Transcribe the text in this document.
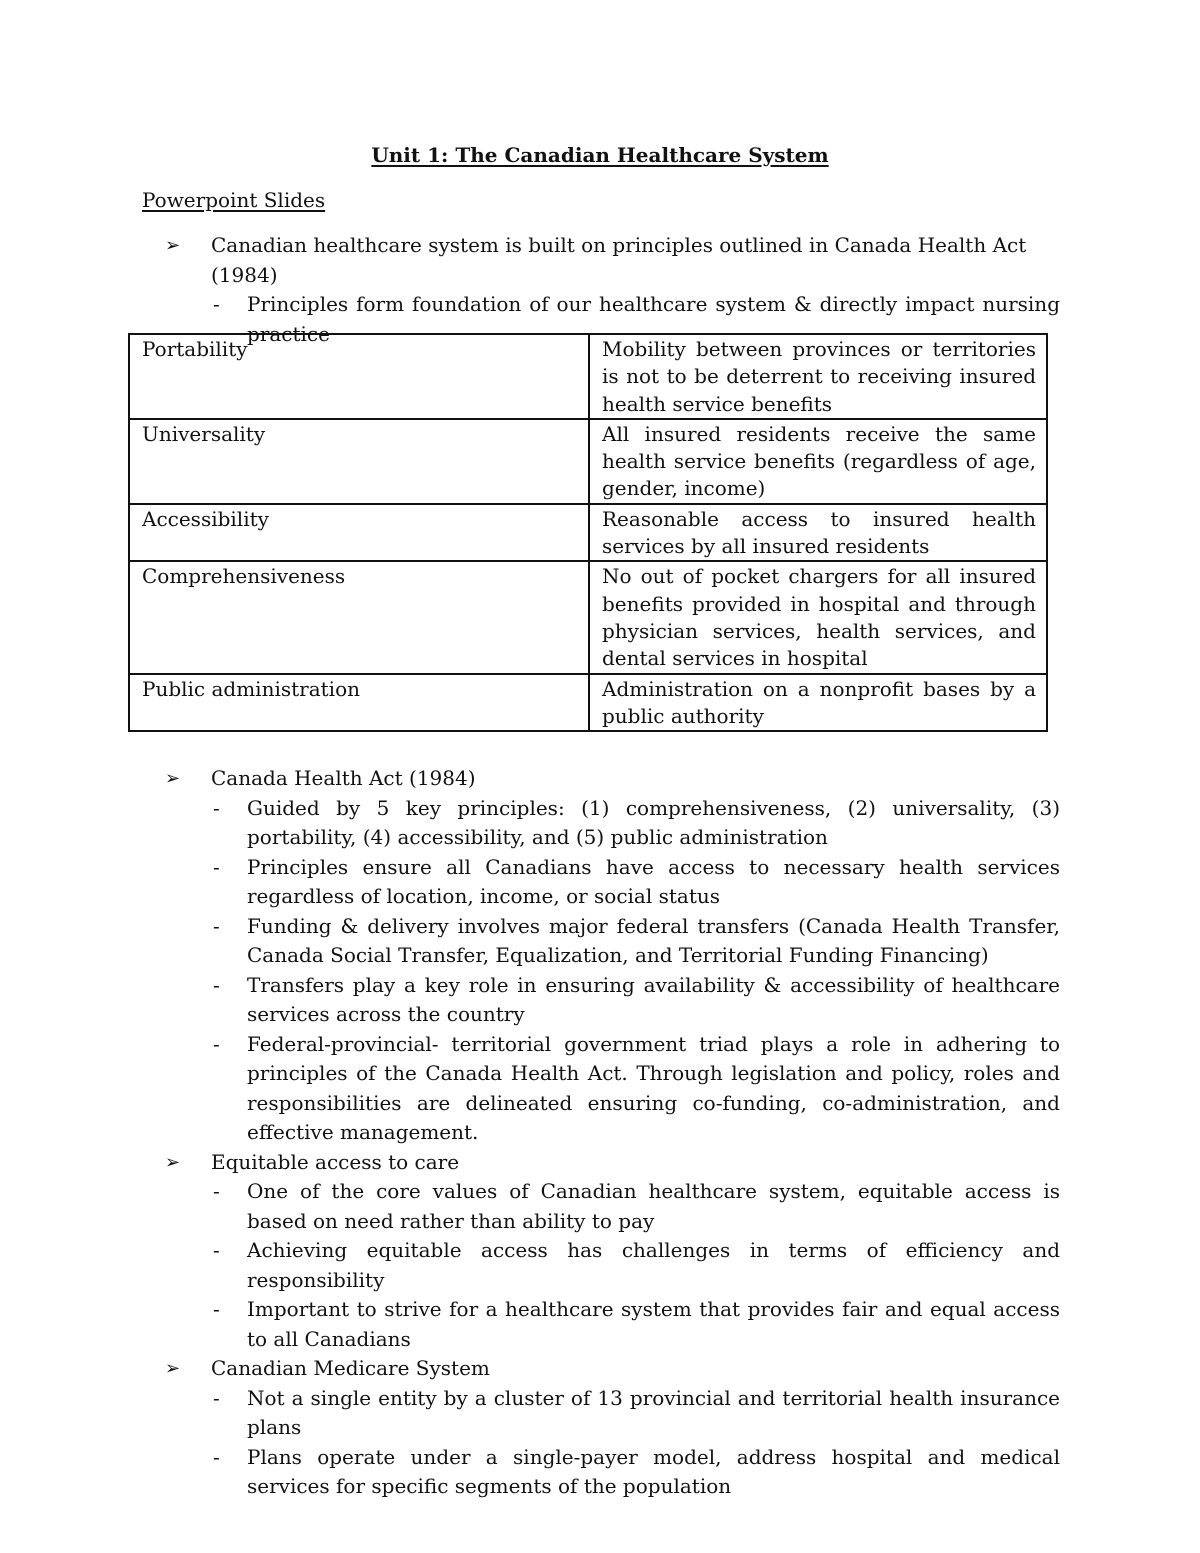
Unit 1: The Canadian Healthcare System
Powerpoint Slides
➢	Canadian healthcare system is built on principles outlined in Canada Health Act (1984)
- Principles form foundation of our healthcare system & directly impact nursing practice
Portability	Mobility between provinces or territories is not to be deterrent to receiving insured health service benefits
Universality	All insured residents receive the same health service benefits (regardless of age, gender, income)
Accessibility	Reasonable access to insured health services by all insured residents
Comprehensiveness	No out of pocket chargers for all insured benefits provided in hospital and through physician services, health services, and dental services in hospital
Public administration	Administration on a nonprofit bases by a public authority
➢	Canada Health Act (1984)
- Guided by 5 key principles: (1) comprehensiveness, (2) universality, (3) portability, (4) accessibility, and (5) public administration
- Principles ensure all Canadians have access to necessary health services regardless of location, income, or social status
- Funding & delivery involves major federal transfers (Canada Health Transfer, Canada Social Transfer, Equalization, and Territorial Funding Financing)
- Transfers play a key role in ensuring availability & accessibility of healthcare services across the country
- Federal-provincial- territorial government triad plays a role in adhering to principles of the Canada Health Act. Through legislation and policy, roles and responsibilities are delineated ensuring co-funding, co-administration, and effective management.
➢	Equitable access to care
- One of the core values of Canadian healthcare system, equitable access is based on need rather than ability to pay
- Achieving equitable access has challenges in terms of efficiency and responsibility
- Important to strive for a healthcare system that provides fair and equal access to all Canadians
➢	Canadian Medicare System
- Not a single entity by a cluster of 13 provincial and territorial health insurance plans
- Plans operate under a single-payer model, address hospital and medical services for specific segments of the population
